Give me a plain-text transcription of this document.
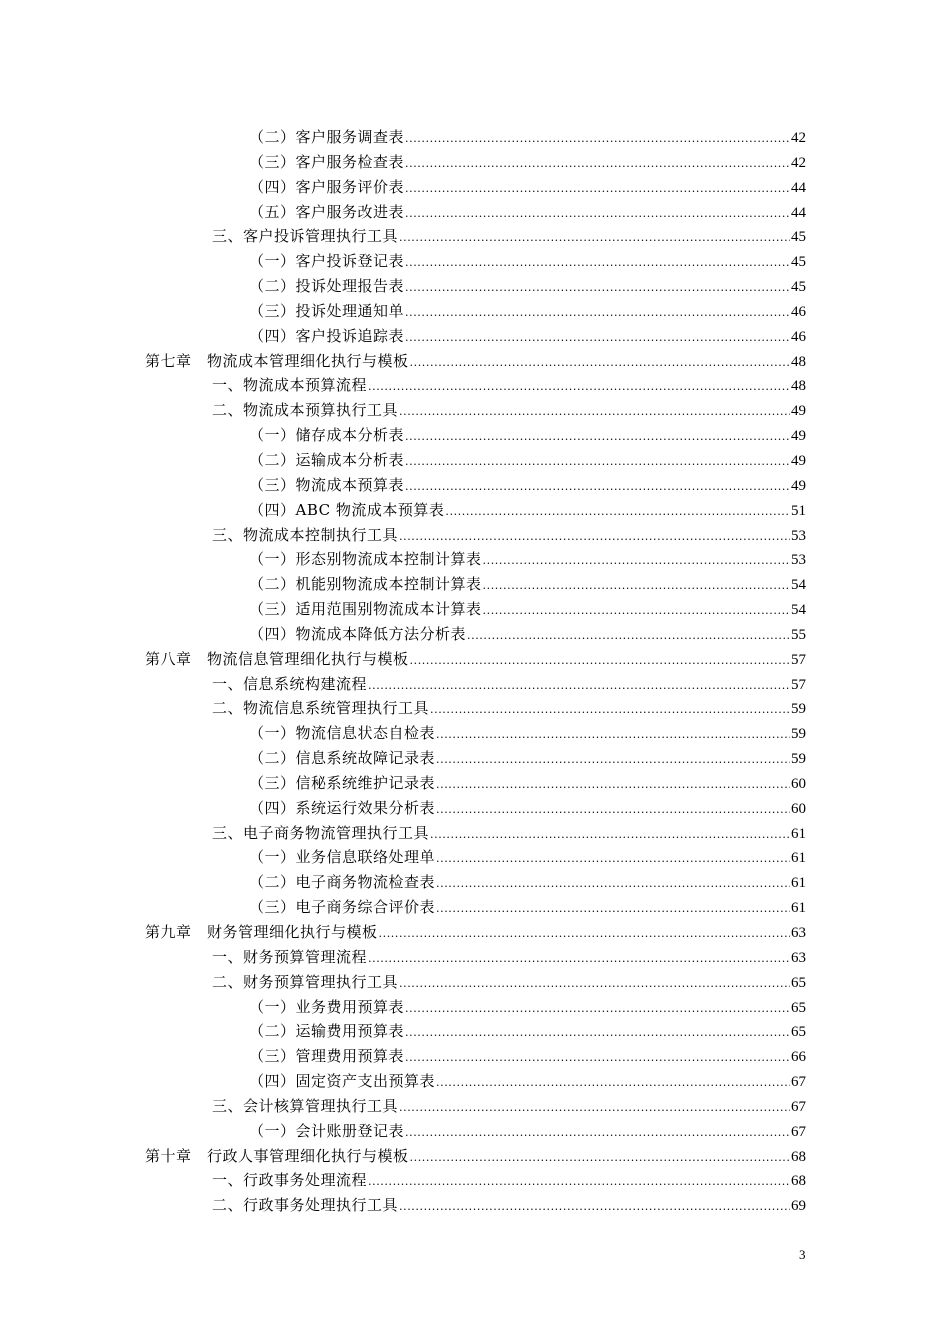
（二）客户服务调查表 .....	42
（三）客户服务检查表 .....	42
（四）客户服务评价表 .....	44
（五）客户服务改进表 .....	44
三、客户投诉管理执行工具 .....	45
（一）客户投诉登记表 .....	45
（二）投诉处理报告表 .....	45
（三）投诉处理通知单 .....	46
（四）客户投诉追踪表 .....	46
第七章　物流成本管理细化执行与模板 .....	48
一、物流成本预算流程 .....	48
二、物流成本预算执行工具 .....	49
（一）储存成本分析表 .....	49
（二）运输成本分析表 .....	49
（三）物流成本预算表 .....	49
（四）ABC 物流成本预算表 .....	51
三、物流成本控制执行工具 .....	53
（一）形态别物流成本控制计算表 .....	53
（二）机能别物流成本控制计算表 .....	54
（三）适用范围别物流成本计算表 .....	54
（四）物流成本降低方法分析表 .....	55
第八章　物流信息管理细化执行与模板 .....	57
一、信息系统构建流程 .....	57
二、物流信息系统管理执行工具 .....	59
（一）物流信息状态自检表 .....	59
（二）信息系统故障记录表 .....	59
（三）信秘系统维护记录表 .....	60
（四）系统运行效果分析表 .....	60
三、电子商务物流管理执行工具 .....	61
（一）业务信息联络处理单 .....	61
（二）电子商务物流检查表 .....	61
（三）电子商务综合评价表 .....	61
第九章　财务管理细化执行与模板 .....	63
一、财务预算管理流程 .....	63
二、财务预算管理执行工具 .....	65
（一）业务费用预算表 .....	65
（二）运输费用预算表 .....	65
（三）管理费用预算表 .....	66
（四）固定资产支出预算表 .....	67
三、会计核算管理执行工具 .....	67
（一）会计账册登记表 .....	67
第十章　行政人事管理细化执行与模板 .....	68
一、行政事务处理流程 .....	68
二、行政事务处理执行工具 .....	69
3
